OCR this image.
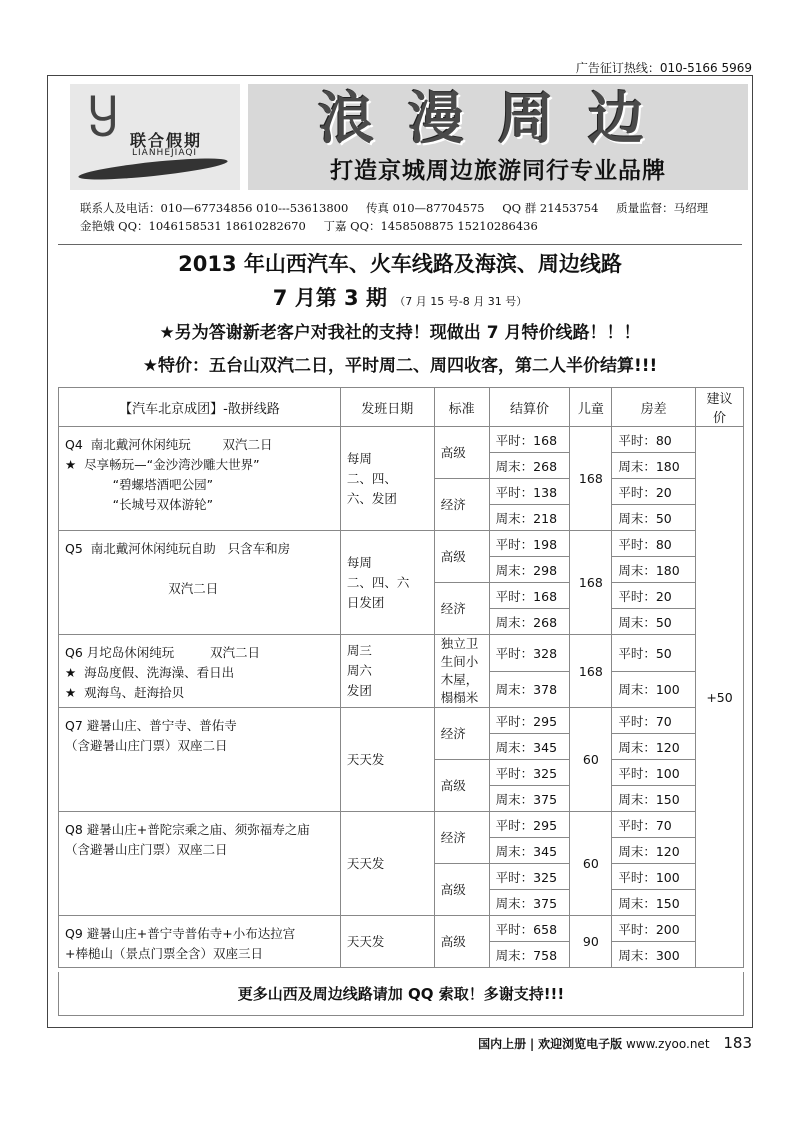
广告征订热线：010-5166 5969
Ⴘ 联合假期
LIANHEJIAQI
浪漫周边
打造京城周边旅游同行专业品牌
联系人及电话：010—67734856 010---53613800 传真 010—87704575 QQ 群 21453754 质量监督：马绍理
金艳娥 QQ：1046158531 18610282670 丁嘉 QQ：1458508875 15210286436
2013 年山西汽车、火车线路及海滨、周边线路
7 月第 3 期 （7 月 15 号-8 月 31 号）
★另为答谢新老客户对我社的支持！现做出 7 月特价线路！！！
★特价：五台山双汽二日，平时周二、周四收客，第二人半价结算!!!
【汽车北京成团】-散拼线路	发班日期	标准	结算价	儿童	房差	建议价
Q4  南北戴河休闲纯玩        双汽二日
★  尽享畅玩—“金沙湾沙雕大世界”
“碧螺塔酒吧公园”
“长城号双体游轮”	每周
二、四、
六、发团	高级	平时：168	168	平时：80	+50
			周末：268		周末：180	
		经济	平时：138		平时：20	
			周末：218		周末：50	
Q5  南北戴河休闲纯玩自助   只含车和房

双汽二日	每周
二、四、六
日发团	高级	平时：198	168	平时：80	
			周末：298		周末：180	
		经济	平时：168		平时：20	
			周末：268		周末：50	
Q6 月坨岛休闲纯玩         双汽二日
★  海岛度假、洗海澡、看日出
★  观海鸟、赶海拾贝	周三
周六
发团	独立卫
生间小
木屋，
榻榻米	平时：328	168	平时：50	
			周末：378		周末：100	
Q7 避暑山庄、普宁寺、普佑寺
（含避暑山庄门票）双座二日	天天发	经济	平时：295	60	平时：70	
			周末：345		周末：120	
		高级	平时：325		平时：100	
			周末：375		周末：150	
Q8 避暑山庄+普陀宗乘之庙、须弥福寿之庙
（含避暑山庄门票）双座二日	天天发	经济	平时：295	60	平时：70	
			周末：345		周末：120	
		高级	平时：325		平时：100	
			周末：375		周末：150	
Q9 避暑山庄+普宁寺普佑寺+小布达拉宫
+棒槌山（景点门票全含）双座三日	天天发	高级	平时：658	90	平时：200	
			周末：758		周末：300	
更多山西及周边线路请加 QQ 索取！多谢支持!!!
国内上册 | 欢迎浏览电子版 www.zyoo.net 183
